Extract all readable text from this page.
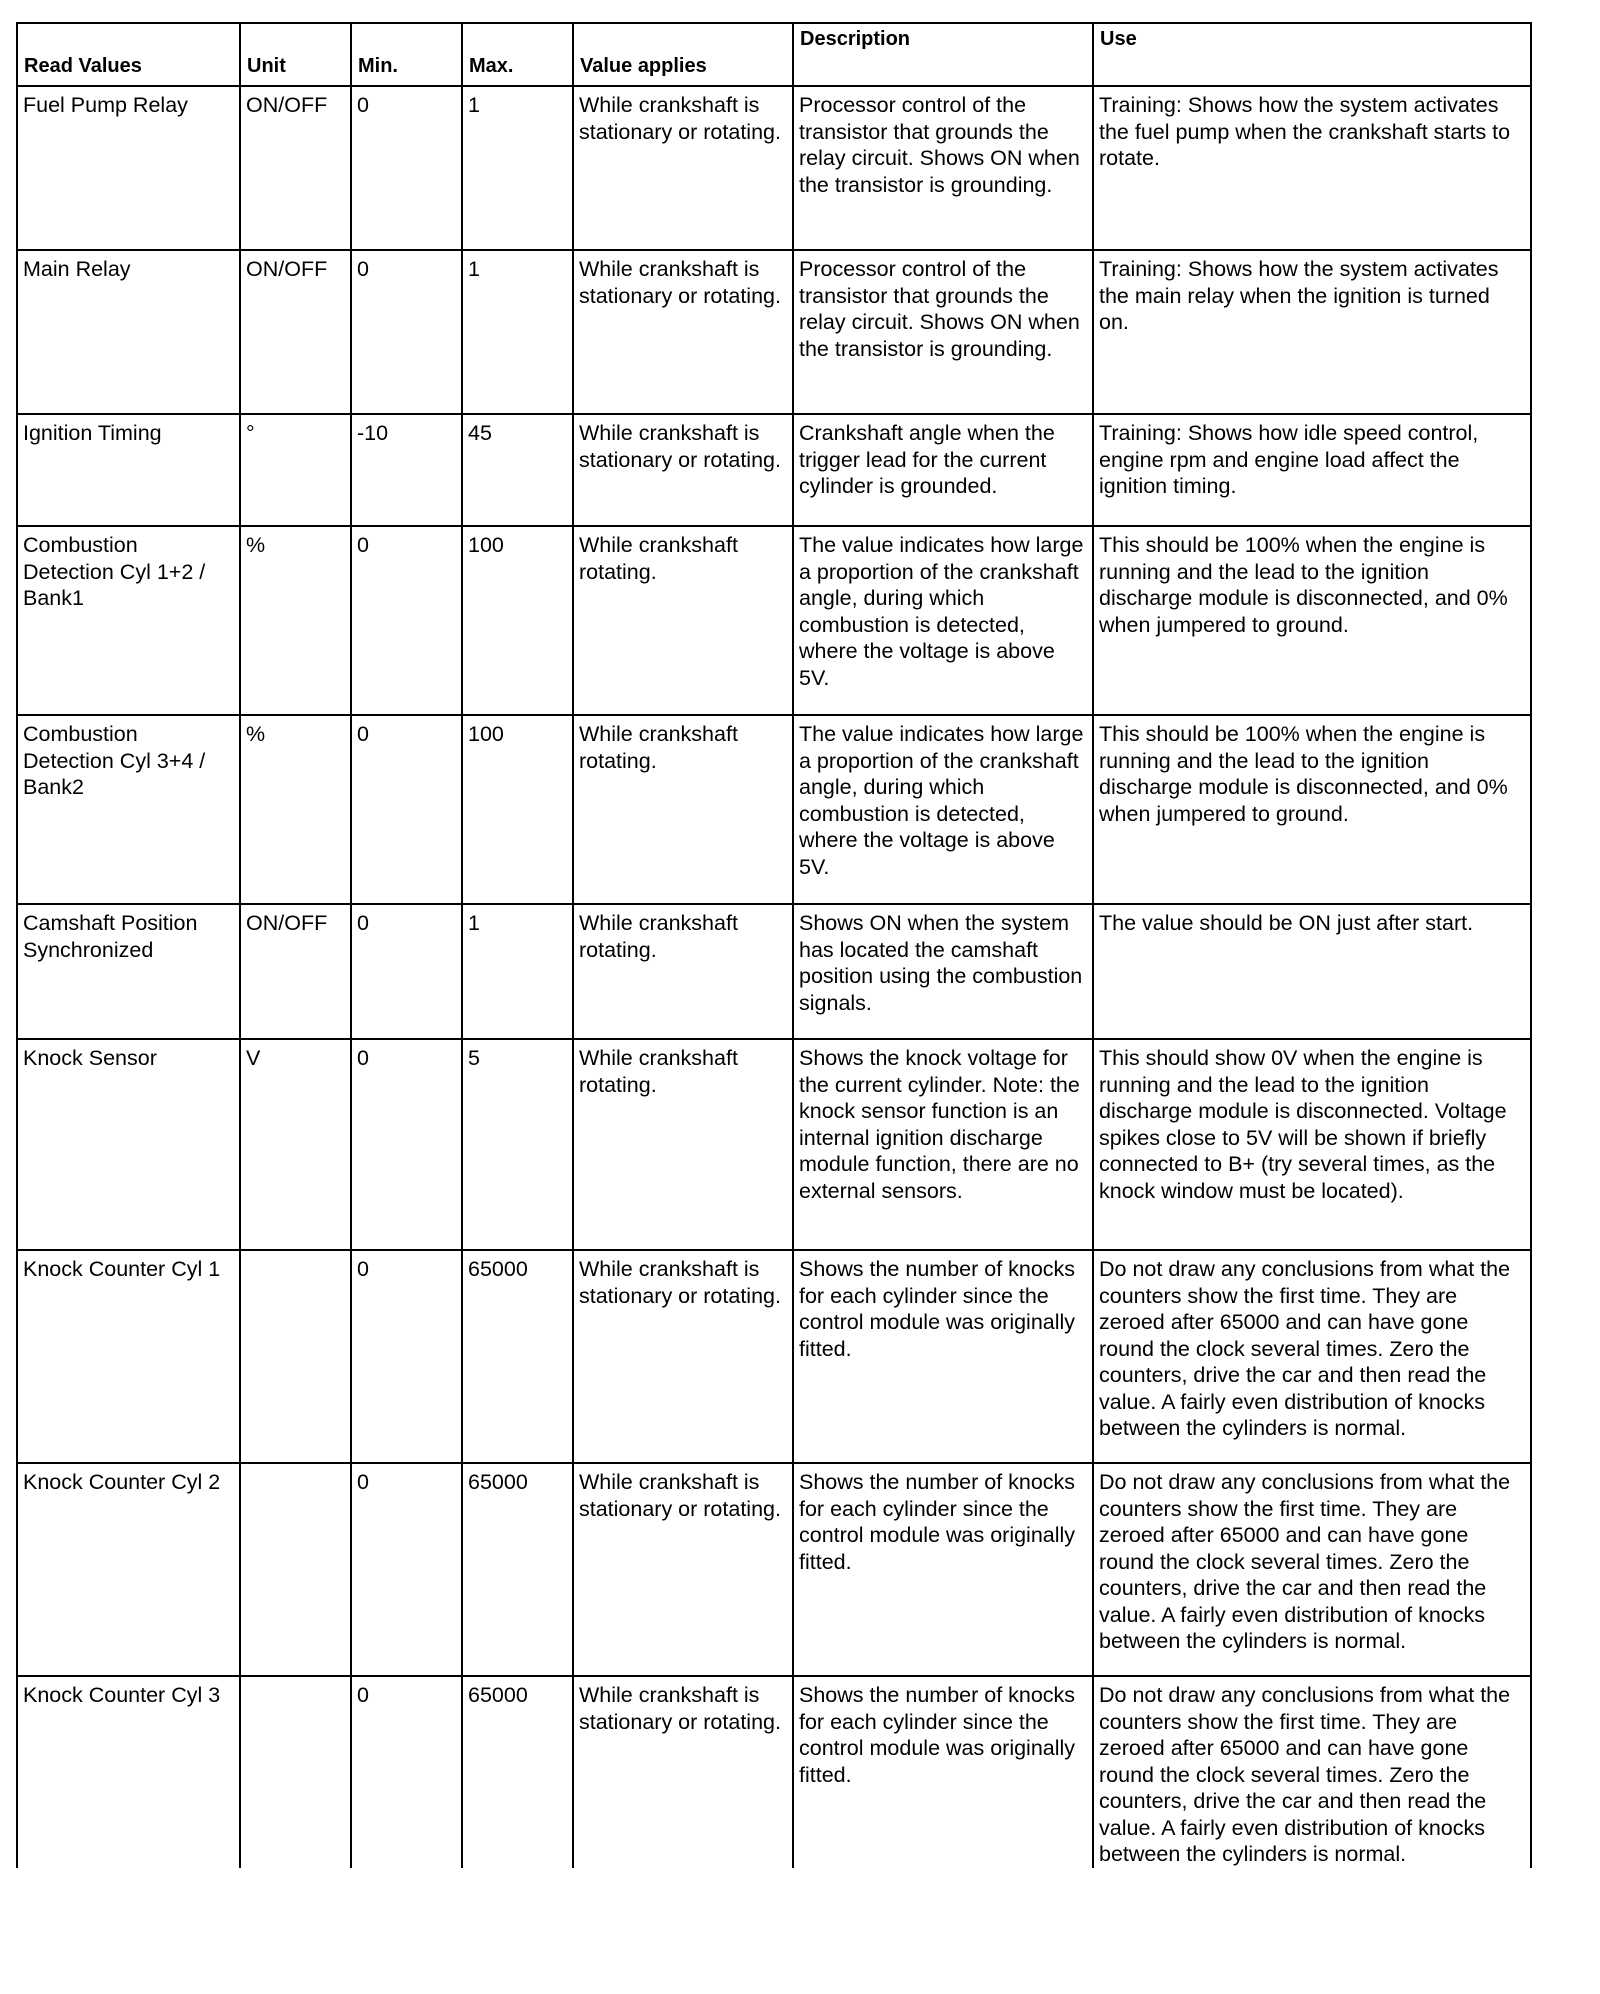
Read Values	Unit	Min.	Max.	Value applies	Description	Use

Fuel Pump Relay	ON/OFF	0	1	While crankshaft is stationary or rotating.	Processor control of the transistor that grounds the relay circuit. Shows ON when the transistor is grounding.	Training: Shows how the system activates the fuel pump when the crankshaft starts to rotate.
Main Relay	ON/OFF	0	1	While crankshaft is stationary or rotating.	Processor control of the transistor that grounds the relay circuit. Shows ON when the transistor is grounding.	Training: Shows how the system activates the main relay when the ignition is turned on.
Ignition Timing	°	-10	45	While crankshaft is stationary or rotating.	Crankshaft angle when the trigger lead for the current cylinder is grounded.	Training: Shows how idle speed control, engine rpm and engine load affect the ignition timing.
Combustion Detection Cyl 1+2 / Bank1	%	0	100	While crankshaft rotating.	The value indicates how large a proportion of the crankshaft angle, during which combustion is detected, where the voltage is above 5V.	This should be 100% when the engine is running and the lead to the ignition discharge module is disconnected, and 0% when jumpered to ground.
Combustion Detection Cyl 3+4 / Bank2	%	0	100	While crankshaft rotating.	The value indicates how large a proportion of the crankshaft angle, during which combustion is detected, where the voltage is above 5V.	This should be 100% when the engine is running and the lead to the ignition discharge module is disconnected, and 0% when jumpered to ground.
Camshaft Position Synchronized	ON/OFF	0	1	While crankshaft rotating.	Shows ON when the system has located the camshaft position using the combustion signals.	The value should be ON just after start.
Knock Sensor	V	0	5	While crankshaft rotating.	Shows the knock voltage for the current cylinder. Note: the knock sensor function is an internal ignition discharge module function, there are no external sensors.	This should show 0V when the engine is running and the lead to the ignition discharge module is disconnected. Voltage spikes close to 5V will be shown if briefly connected to B+ (try several times, as the knock window must be located).
Knock Counter Cyl 1		0	65000	While crankshaft is stationary or rotating.	Shows the number of knocks for each cylinder since the control module was originally fitted.	Do not draw any conclusions from what the counters show the first time. They are zeroed after 65000 and can have gone round the clock several times. Zero the counters, drive the car and then read the value. A fairly even distribution of knocks between the cylinders is normal.
Knock Counter Cyl 2		0	65000	While crankshaft is stationary or rotating.	Shows the number of knocks for each cylinder since the control module was originally fitted.	Do not draw any conclusions from what the counters show the first time. They are zeroed after 65000 and can have gone round the clock several times. Zero the counters, drive the car and then read the value. A fairly even distribution of knocks between the cylinders is normal.
Knock Counter Cyl 3		0	65000	While crankshaft is stationary or rotating.	Shows the number of knocks for each cylinder since the control module was originally fitted.	Do not draw any conclusions from what the counters show the first time. They are zeroed after 65000 and can have gone round the clock several times. Zero the counters, drive the car and then read the value. A fairly even distribution of knocks between the cylinders is normal.
